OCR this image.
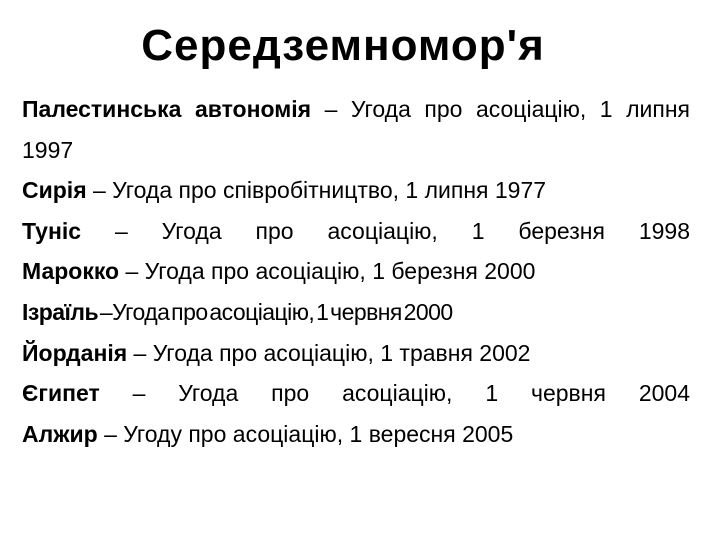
Середземномор'я
Палестинська автономія – Угода про асоціацію, 1 липня 1997
Сирія – Угода про співробітництво, 1 липня 1977
Туніс – Угода про асоціацію, 1 березня 1998
Марокко – Угода про асоціацію, 1 березня 2000
Ізраїль –Угода про асоціацію, 1 червня 2000
Йорданія – Угода про асоціацію, 1 травня 2002
Єгипет – Угода про асоціацію, 1 червня 2004
Алжир – Угоду про асоціацію, 1 вересня 2005
